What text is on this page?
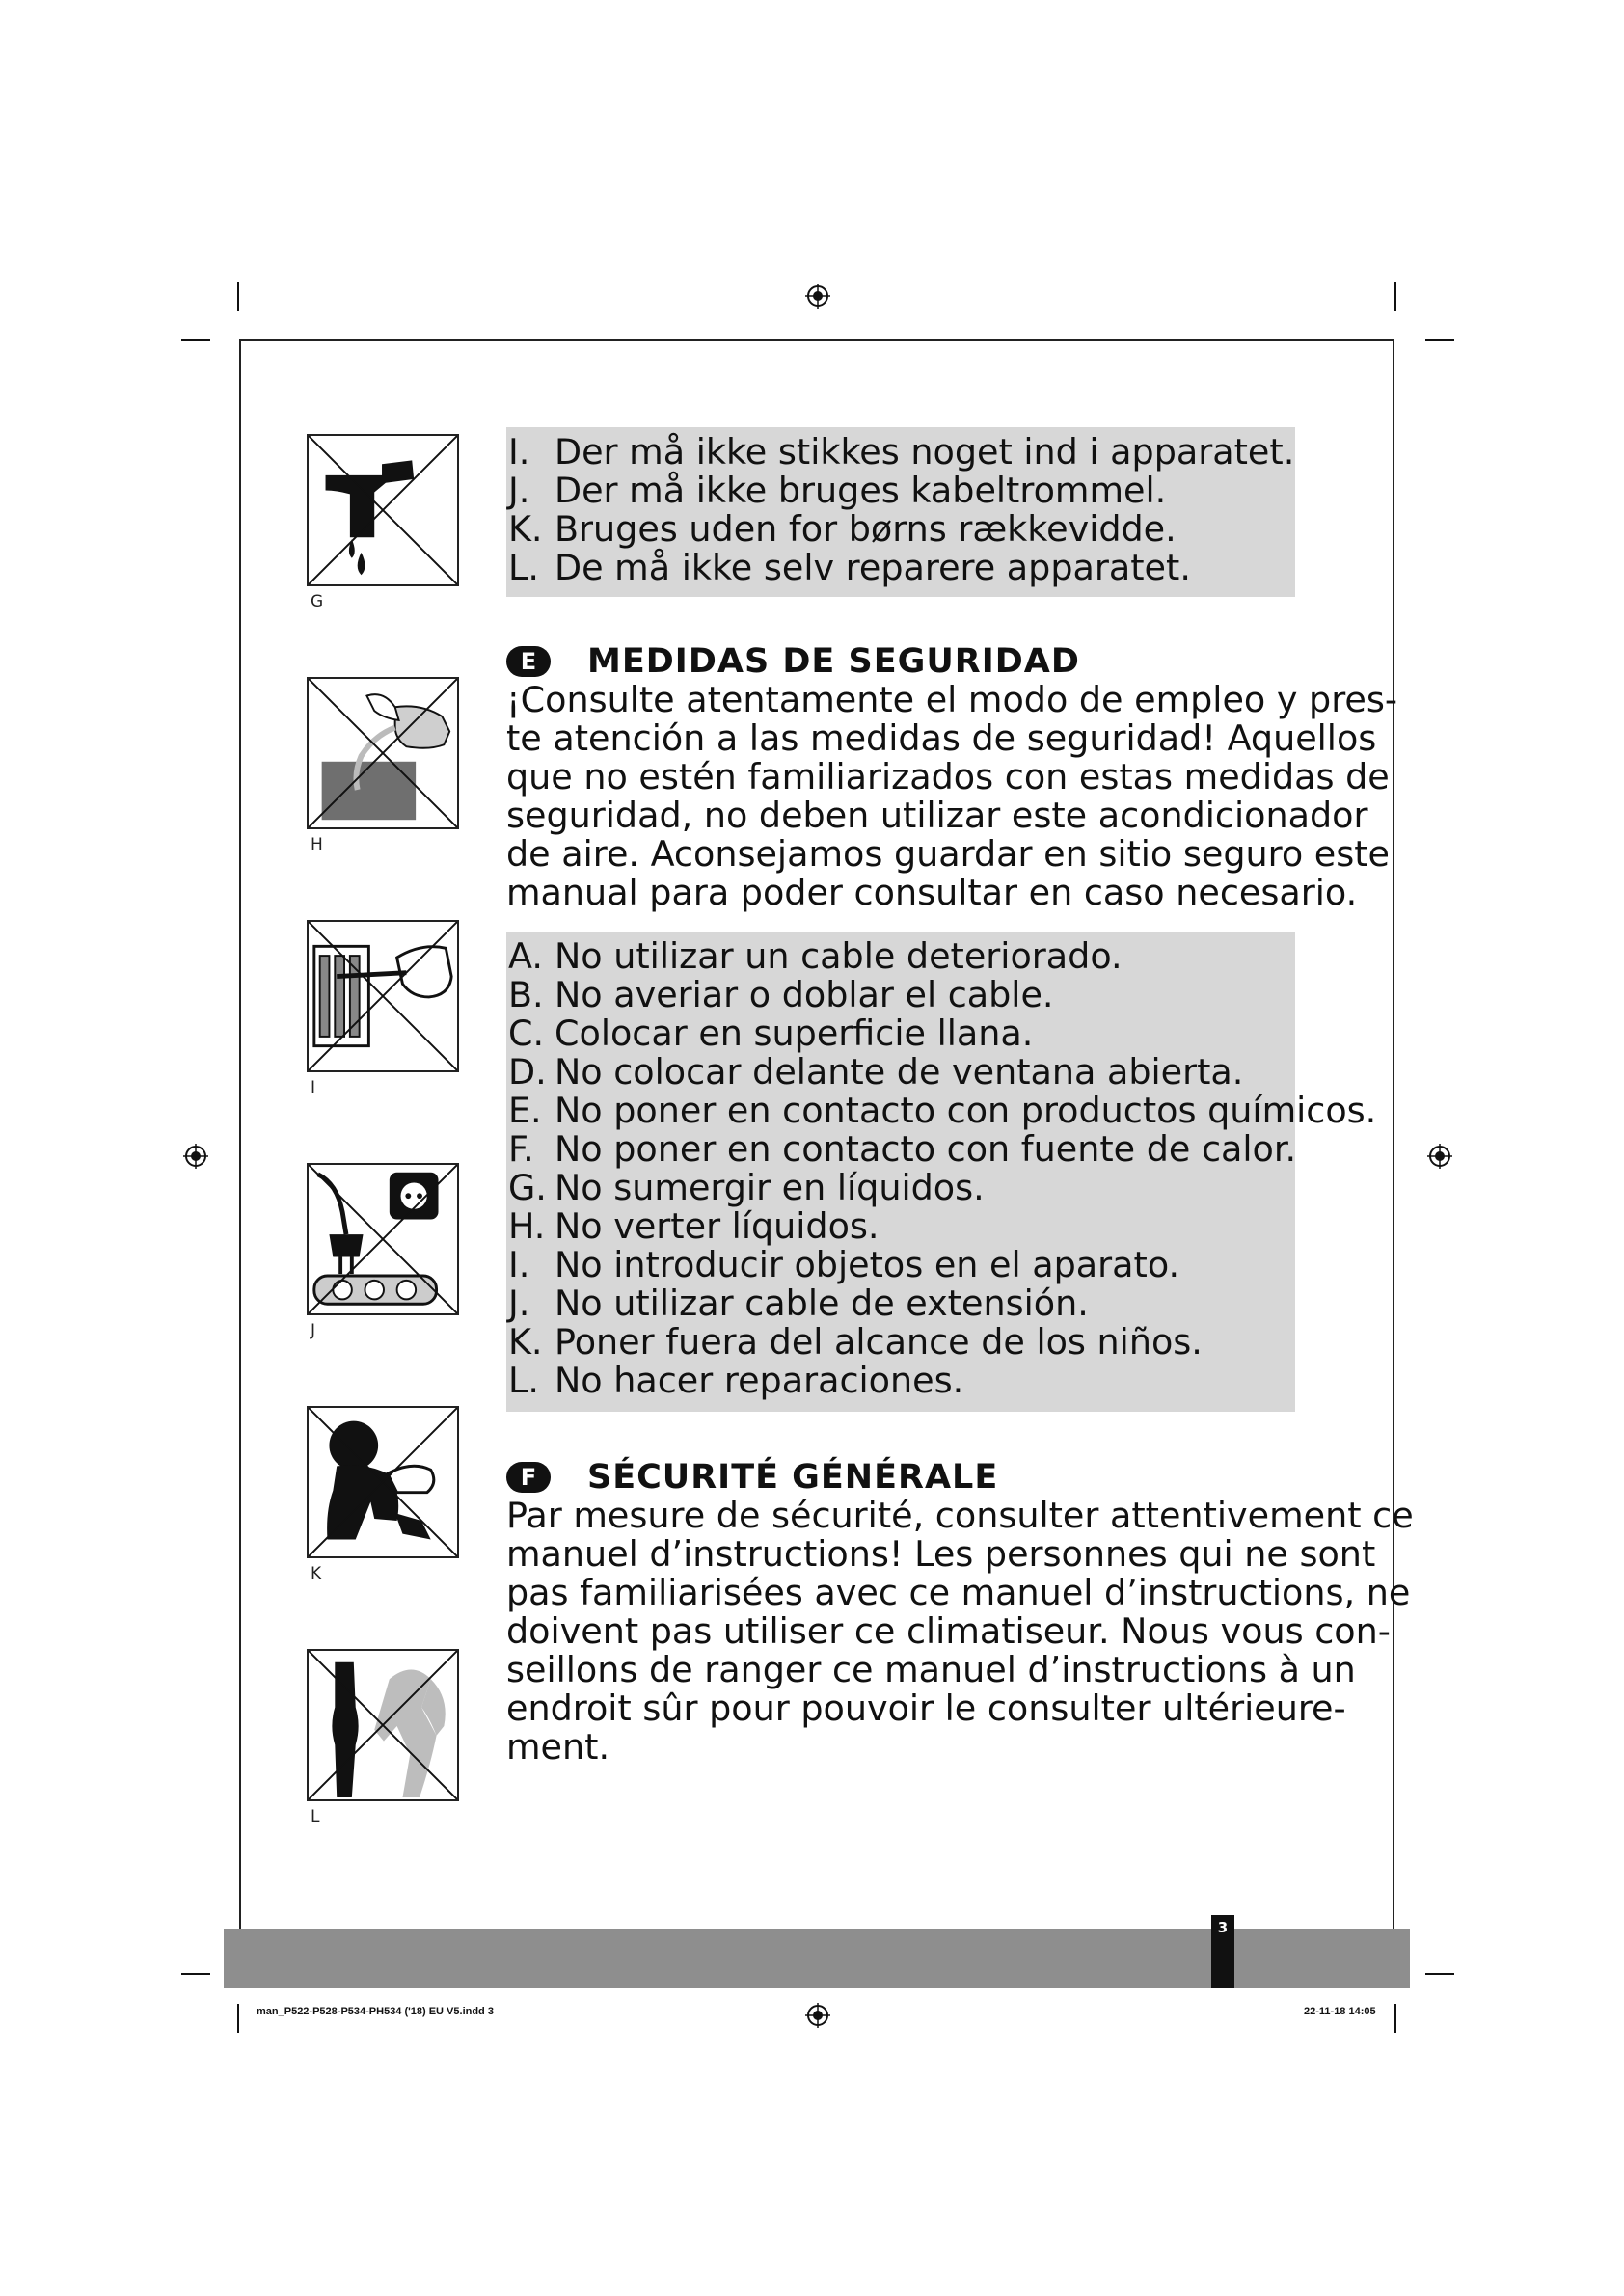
G
H
I
J
K
L
I. Der må ikke stikkes noget ind i apparatet.
J. Der må ikke bruges kabeltrommel.
K. Bruges uden for børns rækkevidde.
L. De må ikke selv reparere apparatet.
E	MEDIDAS DE SEGURIDAD
¡Consulte atentamente el modo de empleo y pres-
te atención a las medidas de seguridad! Aquellos
que no estén familiarizados con estas medidas de
seguridad, no deben utilizar este acondicionador
de aire. Aconsejamos guardar en sitio seguro este
manual para poder consultar en caso necesario.
A. No utilizar un cable deteriorado.
B. No averiar o doblar el cable.
C. Colocar en superficie llana.
D. No colocar delante de ventana abierta.
E. No poner en contacto con productos químicos.
F. No poner en contacto con fuente de calor.
G. No sumergir en líquidos.
H. No verter líquidos.
I. No introducir objetos en el aparato.
J. No utilizar cable de extensión.
K. Poner fuera del alcance de los niños.
L. No hacer reparaciones.
F	SÉCURITÉ GÉNÉRALE
Par mesure de sécurité, consulter attentivement ce
manuel d’instructions! Les personnes qui ne sont
pas familiarisées avec ce manuel d’instructions, ne
doivent pas utiliser ce climatiseur. Nous vous con-
seillons de ranger ce manuel d’instructions à un
endroit sûr pour pouvoir le consulter ultérieure-
ment.
3
man_P522-P528-P534-PH534 ('18) EU V5.indd 3	22-11-18 14:05
